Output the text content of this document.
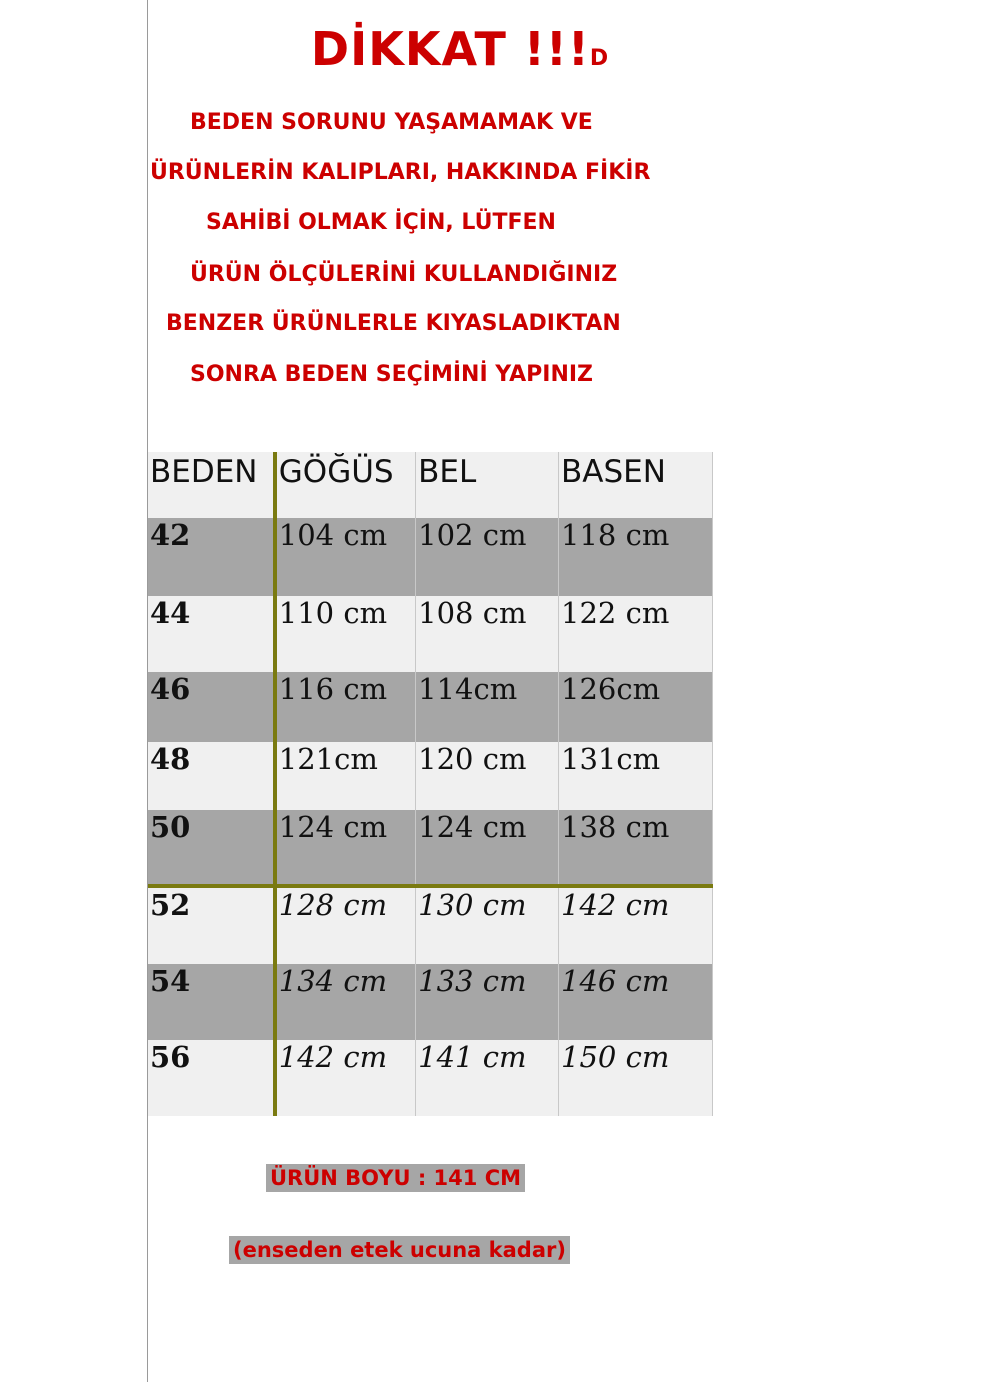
DİKKAT !!!D
BEDEN SORUNU YAŞAMAMAK VE
ÜRÜNLERİN KALIPLARI, HAKKINDA FİKİR
SAHİBİ OLMAK İÇİN, LÜTFEN
ÜRÜN ÖLÇÜLERİNİ KULLANDIĞINIZ
BENZER ÜRÜNLERLE KIYASLADIKTAN
SONRA BEDEN SEÇİMİNİ YAPINIZ
BEDEN	GÖĞÜS	BEL	BASEN
42	104 cm	102 cm	118 cm
44	110 cm	108 cm	122 cm
46	116 cm	114cm	126cm
48	121cm	120 cm	131cm
50	124 cm	124 cm	138 cm
52	128 cm	130 cm	142 cm
54	134 cm	133 cm	146 cm
56	142 cm	141 cm	150 cm
ÜRÜN BOYU : 141 CM
(enseden etek ucuna kadar)
